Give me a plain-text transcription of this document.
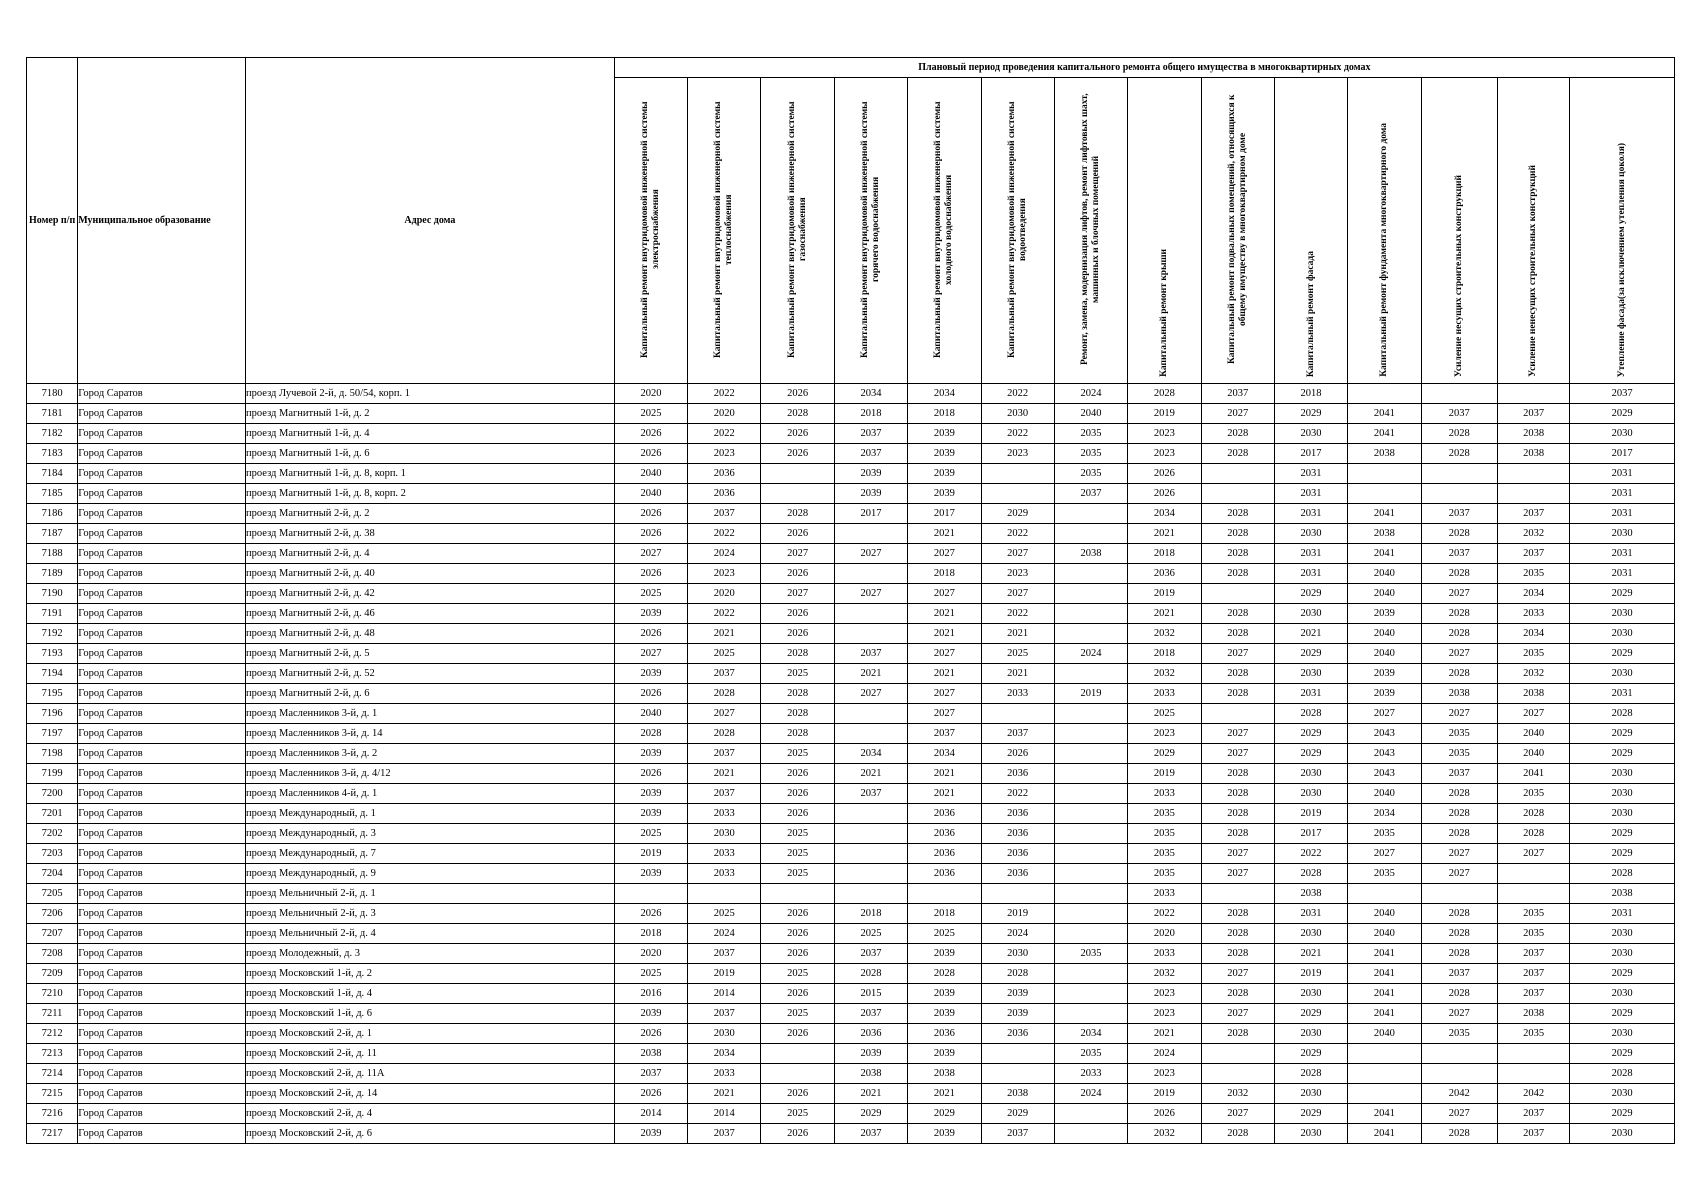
Номер п/п	Муниципальное образование	Адрес дома	Плановый период проведения капитального ремонта общего имущества в многоквартирных домах													

			Капитальный ремонт внутридомовой инженерной системы электроснабжения	Капитальный ремонт внутридомовой инженерной системы теплоснабжения	Капитальный ремонт внутридомовой инженерной системы газоснабжения	Капитальный ремонт внутридомовой инженерной системы горячего водоснабжения	Капитальный ремонт внутридомовой инженерной системы холодного водоснабжения	Капитальный ремонт внутридомовой инженерной системы водоотведения	Ремонт, замена, модернизация лифтов, ремонт лифтовых шахт, машинных и блочных помещений	Капитальный ремонт крыши	Капитальный ремонт подвальных помещений, относящихся к общему имуществу в многоквартирном доме	Капитальный ремонт фасада	Капитальный ремонт фундамента многоквартирного дома	Усиление несущих строительных конструкций	Усиление ненесущих строительных конструкций	Утепление фасада(за исключением утепления цоколя)

7180	Город Саратов	проезд Лучевой 2-й, д. 50/54, корп. 1	2020	2022	2026	2034	2034	2022	2024	2028	2037	2018				2037
7181	Город Саратов	проезд Магнитный 1-й, д. 2	2025	2020	2028	2018	2018	2030	2040	2019	2027	2029	2041	2037	2037	2029
7182	Город Саратов	проезд Магнитный 1-й, д. 4	2026	2022	2026	2037	2039	2022	2035	2023	2028	2030	2041	2028	2038	2030
7183	Город Саратов	проезд Магнитный 1-й, д. 6	2026	2023	2026	2037	2039	2023	2035	2023	2028	2017	2038	2028	2038	2017
7184	Город Саратов	проезд Магнитный 1-й, д. 8, корп. 1	2040	2036		2039	2039		2035	2026		2031				2031
7185	Город Саратов	проезд Магнитный 1-й, д. 8, корп. 2	2040	2036		2039	2039		2037	2026		2031				2031
7186	Город Саратов	проезд Магнитный 2-й, д. 2	2026	2037	2028	2017	2017	2029		2034	2028	2031	2041	2037	2037	2031
7187	Город Саратов	проезд Магнитный 2-й, д. 38	2026	2022	2026		2021	2022		2021	2028	2030	2038	2028	2032	2030
7188	Город Саратов	проезд Магнитный 2-й, д. 4	2027	2024	2027	2027	2027	2027	2038	2018	2028	2031	2041	2037	2037	2031
7189	Город Саратов	проезд Магнитный 2-й, д. 40	2026	2023	2026		2018	2023		2036	2028	2031	2040	2028	2035	2031
7190	Город Саратов	проезд Магнитный 2-й, д. 42	2025	2020	2027	2027	2027	2027		2019		2029	2040	2027	2034	2029
7191	Город Саратов	проезд Магнитный 2-й, д. 46	2039	2022	2026		2021	2022		2021	2028	2030	2039	2028	2033	2030
7192	Город Саратов	проезд Магнитный 2-й, д. 48	2026	2021	2026		2021	2021		2032	2028	2021	2040	2028	2034	2030
7193	Город Саратов	проезд Магнитный 2-й, д. 5	2027	2025	2028	2037	2027	2025	2024	2018	2027	2029	2040	2027	2035	2029
7194	Город Саратов	проезд Магнитный 2-й, д. 52	2039	2037	2025	2021	2021	2021		2032	2028	2030	2039	2028	2032	2030
7195	Город Саратов	проезд Магнитный 2-й, д. 6	2026	2028	2028	2027	2027	2033	2019	2033	2028	2031	2039	2038	2038	2031
7196	Город Саратов	проезд Масленников 3-й, д. 1	2040	2027	2028		2027			2025		2028	2027	2027	2027	2028
7197	Город Саратов	проезд Масленников 3-й, д. 14	2028	2028	2028		2037	2037		2023	2027	2029	2043	2035	2040	2029
7198	Город Саратов	проезд Масленников 3-й, д. 2	2039	2037	2025	2034	2034	2026		2029	2027	2029	2043	2035	2040	2029
7199	Город Саратов	проезд Масленников 3-й, д. 4/12	2026	2021	2026	2021	2021	2036		2019	2028	2030	2043	2037	2041	2030
7200	Город Саратов	проезд Масленников 4-й, д. 1	2039	2037	2026	2037	2021	2022		2033	2028	2030	2040	2028	2035	2030
7201	Город Саратов	проезд Международный, д. 1	2039	2033	2026		2036	2036		2035	2028	2019	2034	2028	2028	2030
7202	Город Саратов	проезд Международный, д. 3	2025	2030	2025		2036	2036		2035	2028	2017	2035	2028	2028	2029
7203	Город Саратов	проезд Международный, д. 7	2019	2033	2025		2036	2036		2035	2027	2022	2027	2027	2027	2029
7204	Город Саратов	проезд Международный, д. 9	2039	2033	2025		2036	2036		2035	2027	2028	2035	2027		2028
7205	Город Саратов	проезд Мельничный 2-й, д. 1								2033		2038				2038
7206	Город Саратов	проезд Мельничный 2-й, д. 3	2026	2025	2026	2018	2018	2019		2022	2028	2031	2040	2028	2035	2031
7207	Город Саратов	проезд Мельничный 2-й, д. 4	2018	2024	2026	2025	2025	2024		2020	2028	2030	2040	2028	2035	2030
7208	Город Саратов	проезд Молодежный, д. 3	2020	2037	2026	2037	2039	2030	2035	2033	2028	2021	2041	2028	2037	2030
7209	Город Саратов	проезд Московский 1-й, д. 2	2025	2019	2025	2028	2028	2028		2032	2027	2019	2041	2037	2037	2029
7210	Город Саратов	проезд Московский 1-й, д. 4	2016	2014	2026	2015	2039	2039		2023	2028	2030	2041	2028	2037	2030
7211	Город Саратов	проезд Московский 1-й, д. 6	2039	2037	2025	2037	2039	2039		2023	2027	2029	2041	2027	2038	2029
7212	Город Саратов	проезд Московский 2-й, д. 1	2026	2030	2026	2036	2036	2036	2034	2021	2028	2030	2040	2035	2035	2030
7213	Город Саратов	проезд Московский 2-й, д. 11	2038	2034		2039	2039		2035	2024		2029				2029
7214	Город Саратов	проезд Московский 2-й, д. 11А	2037	2033		2038	2038		2033	2023		2028				2028
7215	Город Саратов	проезд Московский 2-й, д. 14	2026	2021	2026	2021	2021	2038	2024	2019	2032	2030		2042	2042	2030
7216	Город Саратов	проезд Московский 2-й, д. 4	2014	2014	2025	2029	2029	2029		2026	2027	2029	2041	2027	2037	2029
7217	Город Саратов	проезд Московский 2-й, д. 6	2039	2037	2026	2037	2039	2037		2032	2028	2030	2041	2028	2037	2030
